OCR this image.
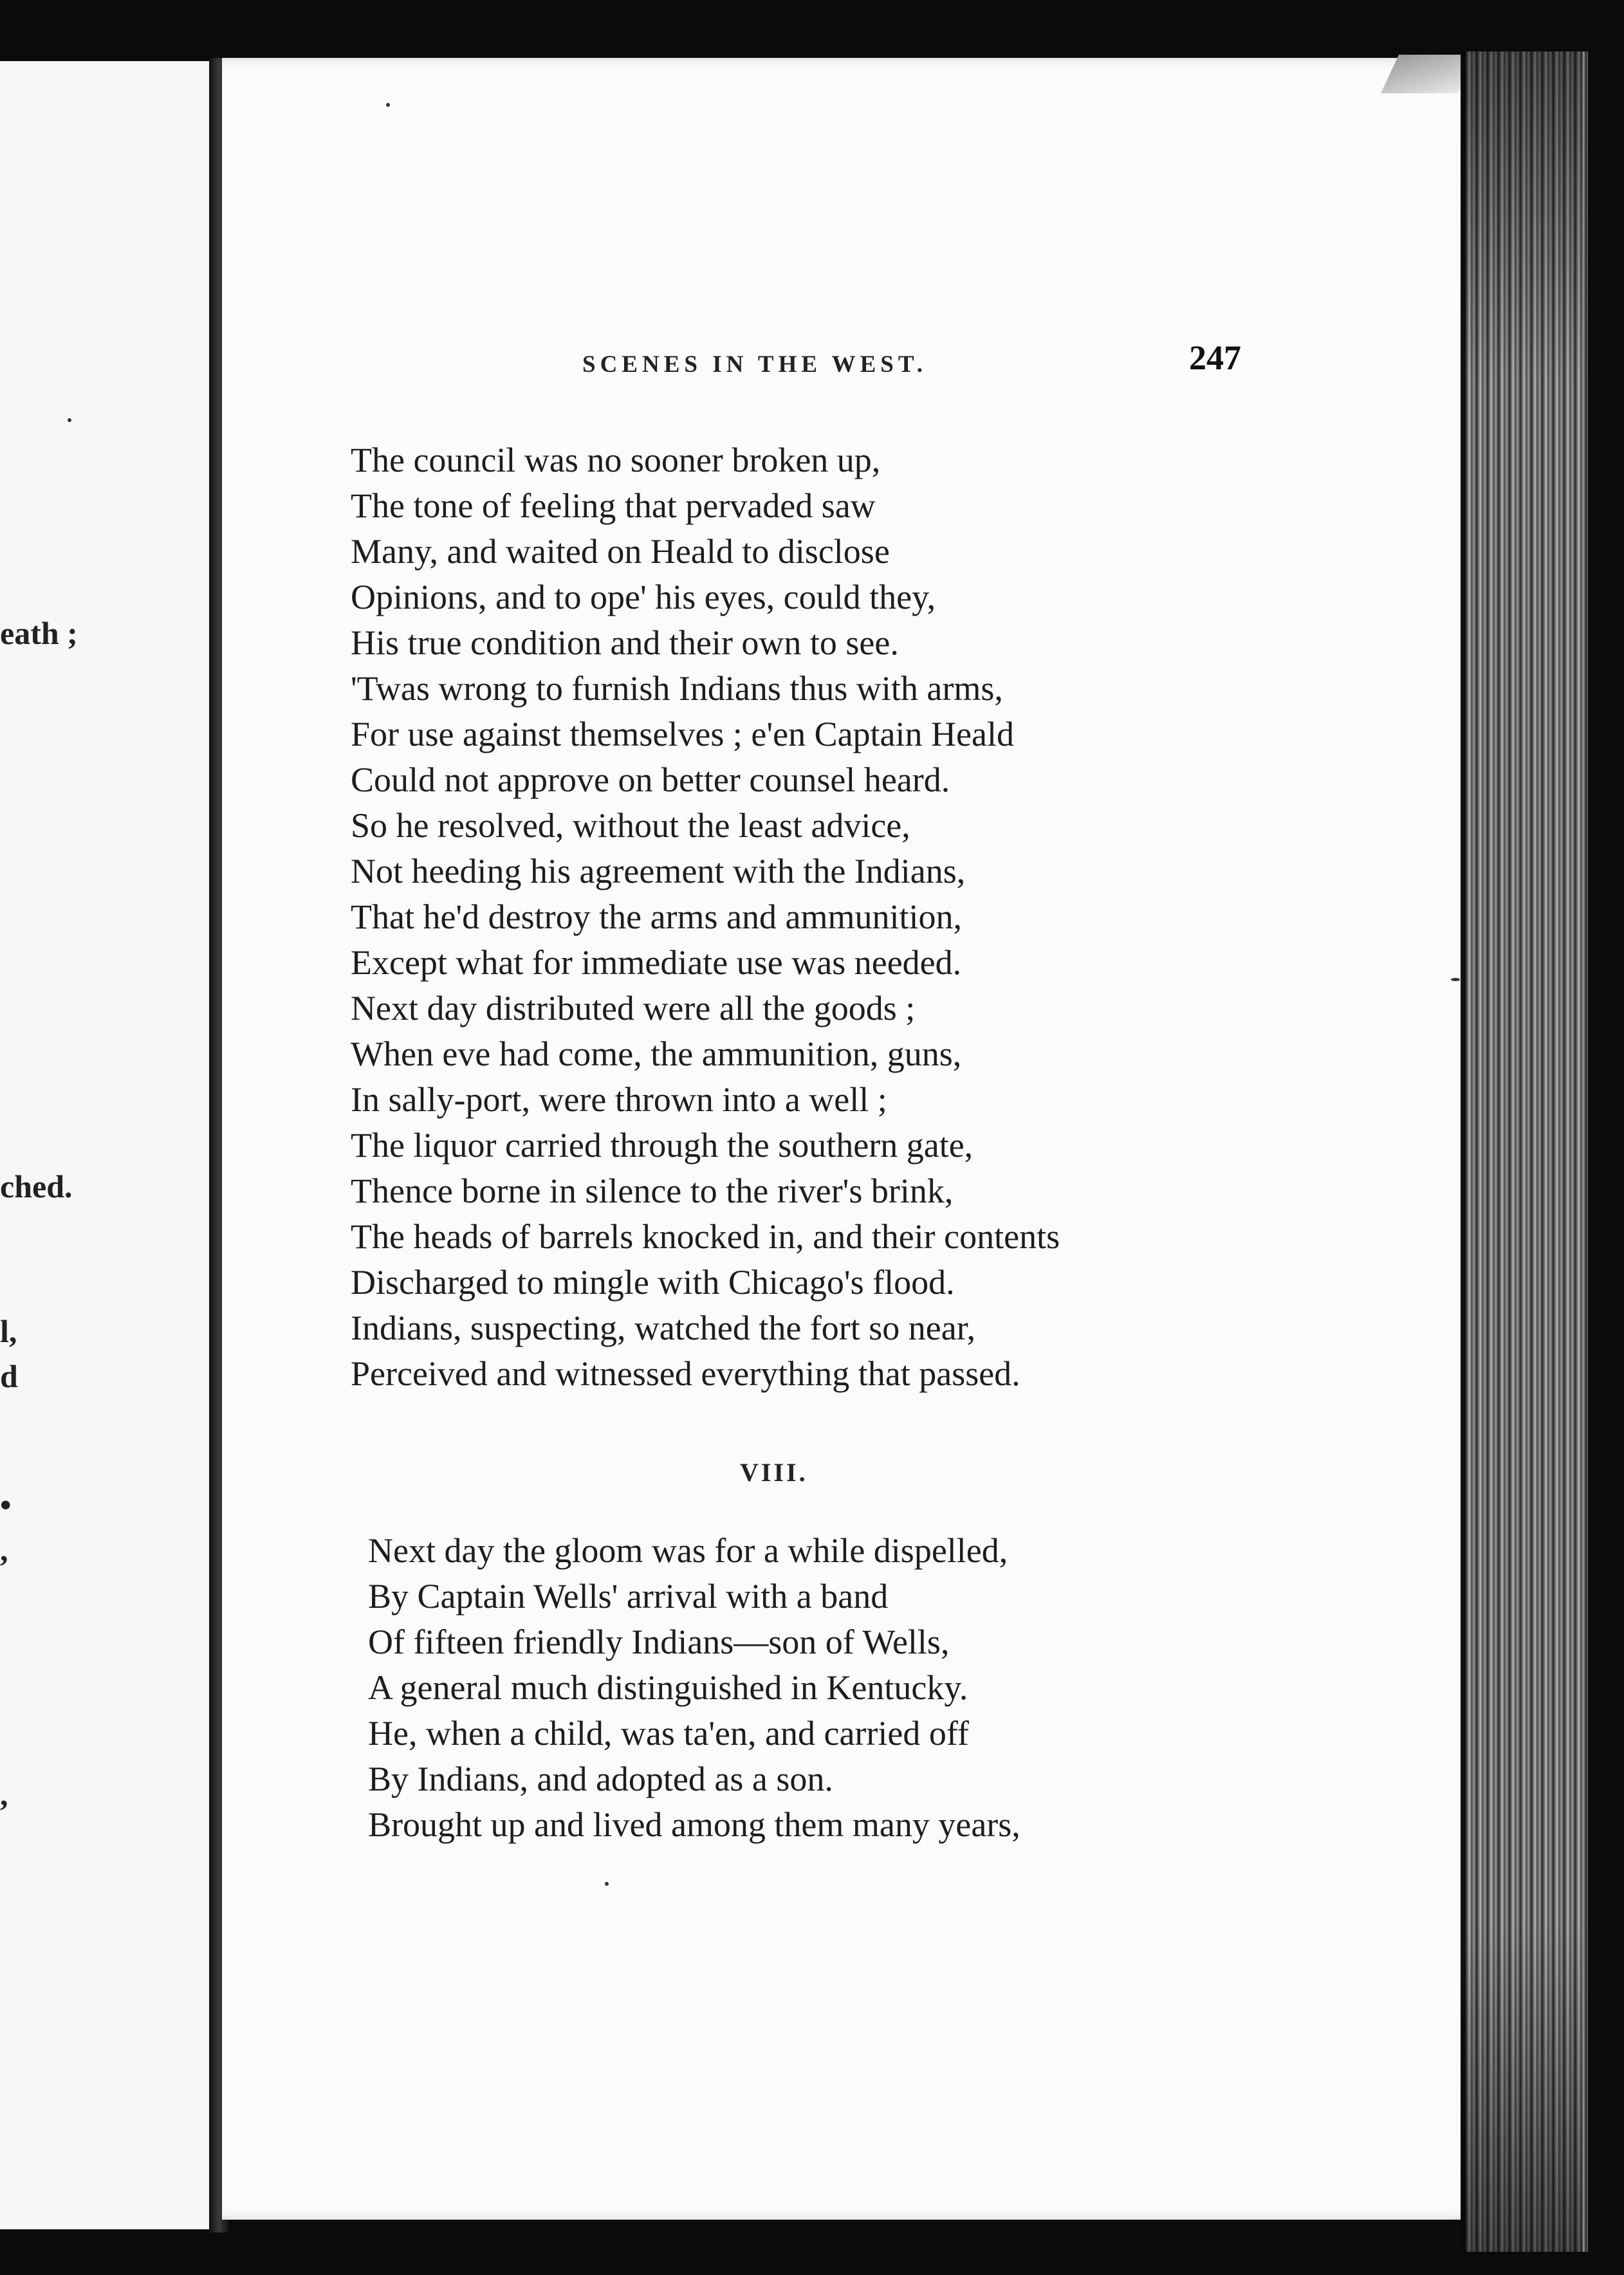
eath ;
ched.
l,
d
•
,
,
SCENES IN THE WEST.	247
The council was no sooner broken up,
The tone of feeling that pervaded saw
Many, and waited on Heald to disclose
Opinions, and to ope' his eyes, could they,
His true condition and their own to see.
'Twas wrong to furnish Indians thus with arms,
For use against themselves ; e'en Captain Heald
Could not approve on better counsel heard.
So he resolved, without the least advice,
Not heeding his agreement with the Indians,
That he'd destroy the arms and ammunition,
Except what for immediate use was needed.
Next day distributed were all the goods ;
When eve had come, the ammunition, guns,
In sally-port, were thrown into a well ;
The liquor carried through the southern gate,
Thence borne in silence to the river's brink,
The heads of barrels knocked in, and their contents
Discharged to mingle with Chicago's flood.
Indians, suspecting, watched the fort so near,
Perceived and witnessed everything that passed.
VIII.
Next day the gloom was for a while dispelled,
By Captain Wells' arrival with a band
Of fifteen friendly Indians—son of Wells,
A general much distinguished in Kentucky.
He, when a child, was ta'en, and carried off
By Indians, and adopted as a son.
Brought up and lived among them many years,
